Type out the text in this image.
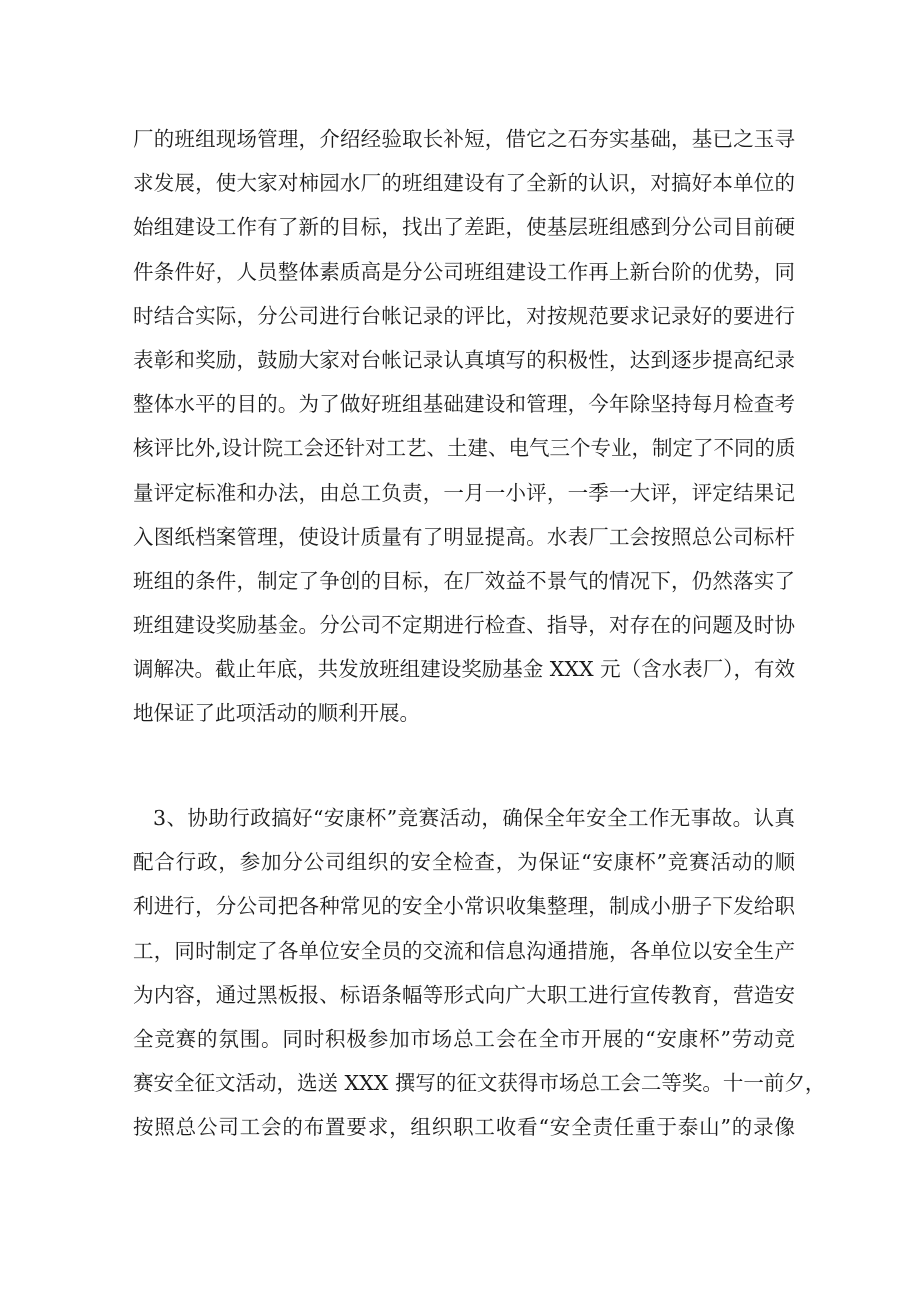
厂的班组现场管理，介绍经验取长补短，借它之石夯实基础，基已之玉寻
求发展，使大家对柿园水厂的班组建设有了全新的认识，对搞好本单位的
始组建设工作有了新的目标，找出了差距，使基层班组感到分公司目前硬
件条件好，人员整体素质高是分公司班组建设工作再上新台阶的优势，同
时结合实际，分公司进行台帐记录的评比，对按规范要求记录好的要进行
表彰和奖励，鼓励大家对台帐记录认真填写的积极性，达到逐步提高纪录
整体水平的目的。为了做好班组基础建设和管理，今年除坚持每月检查考
核评比外,设计院工会还针对工艺、土建、电气三个专业，制定了不同的质
量评定标准和办法，由总工负责，一月一小评，一季一大评，评定结果记
入图纸档案管理，使设计质量有了明显提高。水表厂工会按照总公司标杆
班组的条件，制定了争创的目标，在厂效益不景气的情况下，仍然落实了
班组建设奖励基金。分公司不定期进行检查、指导，对存在的问题及时协
调解决。截止年底，共发放班组建设奖励基金 XXX 元（含水表厂），有效
地保证了此项活动的顺利开展。
3、协助行政搞好“安康杯”竞赛活动，确保全年安全工作无事故。认真
配合行政，参加分公司组织的安全检查，为保证“安康杯”竞赛活动的顺
利进行，分公司把各种常见的安全小常识收集整理，制成小册子下发给职
工，同时制定了各单位安全员的交流和信息沟通措施，各单位以安全生产
为内容，通过黑板报、标语条幅等形式向广大职工进行宣传教育，营造安
全竞赛的氛围。同时积极参加市场总工会在全市开展的“安康杯”劳动竞
赛安全征文活动，选送 XXX 撰写的征文获得市场总工会二等奖。十一前夕，
按照总公司工会的布置要求，组织职工收看“安全责任重于泰山”的录像
